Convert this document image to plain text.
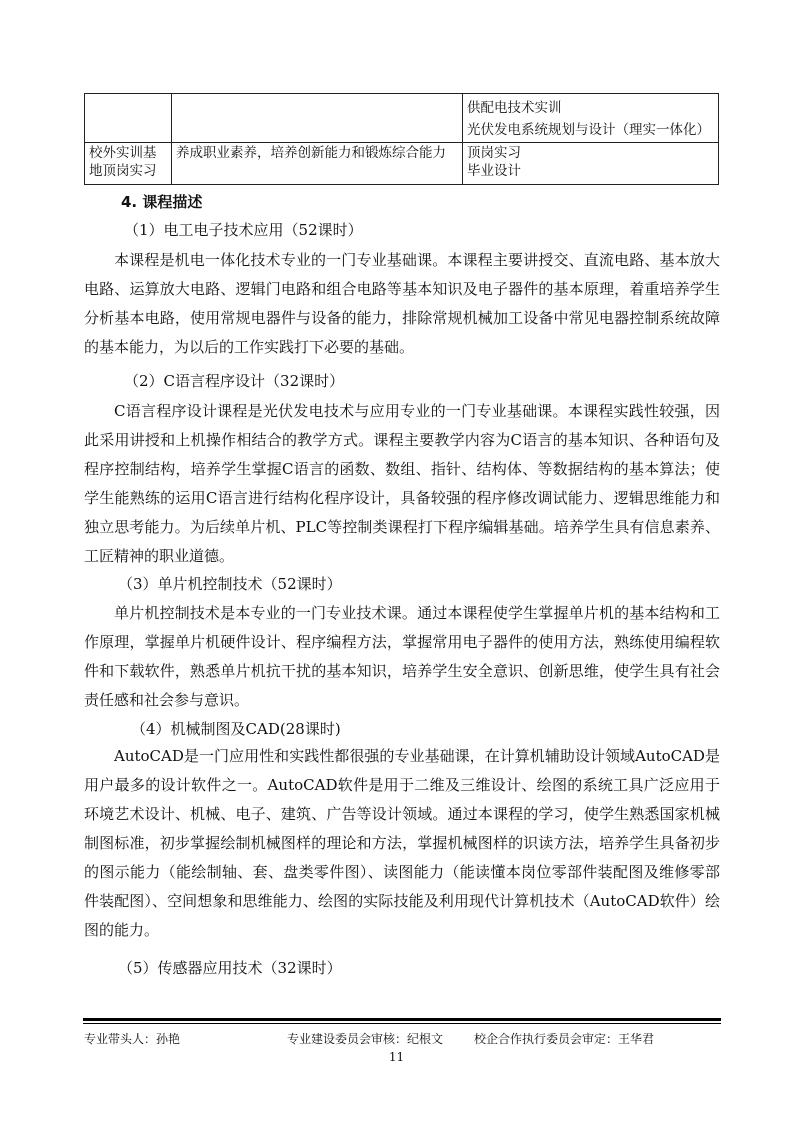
		供配电技术实训
光伏发电系统规划与设计（理实一体化）

校外实训基地顶岗实习	养成职业素养，培养创新能力和锻炼综合能力	顶岗实习
毕业设计
4. 课程描述
（1）电工电子技术应用（52课时）

本课程是机电一体化技术专业的一门专业基础课。本课程主要讲授交、直流电路、基本放大电路、运算放大电路、逻辑门电路和组合电路等基本知识及电子器件的基本原理，着重培养学生分析基本电路，使用常规电器件与设备的能力，排除常规机械加工设备中常见电器控制系统故障的基本能力，为以后的工作实践打下必要的基础。

（2）C语言程序设计（32课时）

C语言程序设计课程是光伏发电技术与应用专业的一门专业基础课。本课程实践性较强，因此采用讲授和上机操作相结合的教学方式。课程主要教学内容为C语言的基本知识、各种语句及程序控制结构，培养学生掌握C语言的函数、数组、指针、结构体、等数据结构的基本算法；使学生能熟练的运用C语言进行结构化程序设计，具备较强的程序修改调试能力、逻辑思维能力和独立思考能力。为后续单片机、PLC等控制类课程打下程序编辑基础。培养学生具有信息素养、工匠精神的职业道德。

（3）单片机控制技术（52课时）

单片机控制技术是本专业的一门专业技术课。通过本课程使学生掌握单片机的基本结构和工作原理，掌握单片机硬件设计、程序编程方法，掌握常用电子器件的使用方法，熟练使用编程软件和下载软件，熟悉单片机抗干扰的基本知识，培养学生安全意识、创新思维，使学生具有社会责任感和社会参与意识。

（4）机械制图及CAD(28课时)

AutoCAD是一门应用性和实践性都很强的专业基础课，在计算机辅助设计领域AutoCAD是用户最多的设计软件之一。AutoCAD软件是用于二维及三维设计、绘图的系统工具广泛应用于环境艺术设计、机械、电子、建筑、广告等设计领域。通过本课程的学习，使学生熟悉国家机械制图标准，初步掌握绘制机械图样的理论和方法，掌握机械图样的识读方法，培养学生具备初步的图示能力（能绘制轴、套、盘类零件图）、读图能力（能读懂本岗位零部件装配图及维修零部件装配图）、空间想象和思维能力、绘图的实际技能及利用现代计算机技术（AutoCAD软件）绘图的能力。

（5）传感器应用技术（32课时）

专业带头人：孙艳	专业建设委员会审核：纪根文	校企合作执行委员会审定：王华君
11
